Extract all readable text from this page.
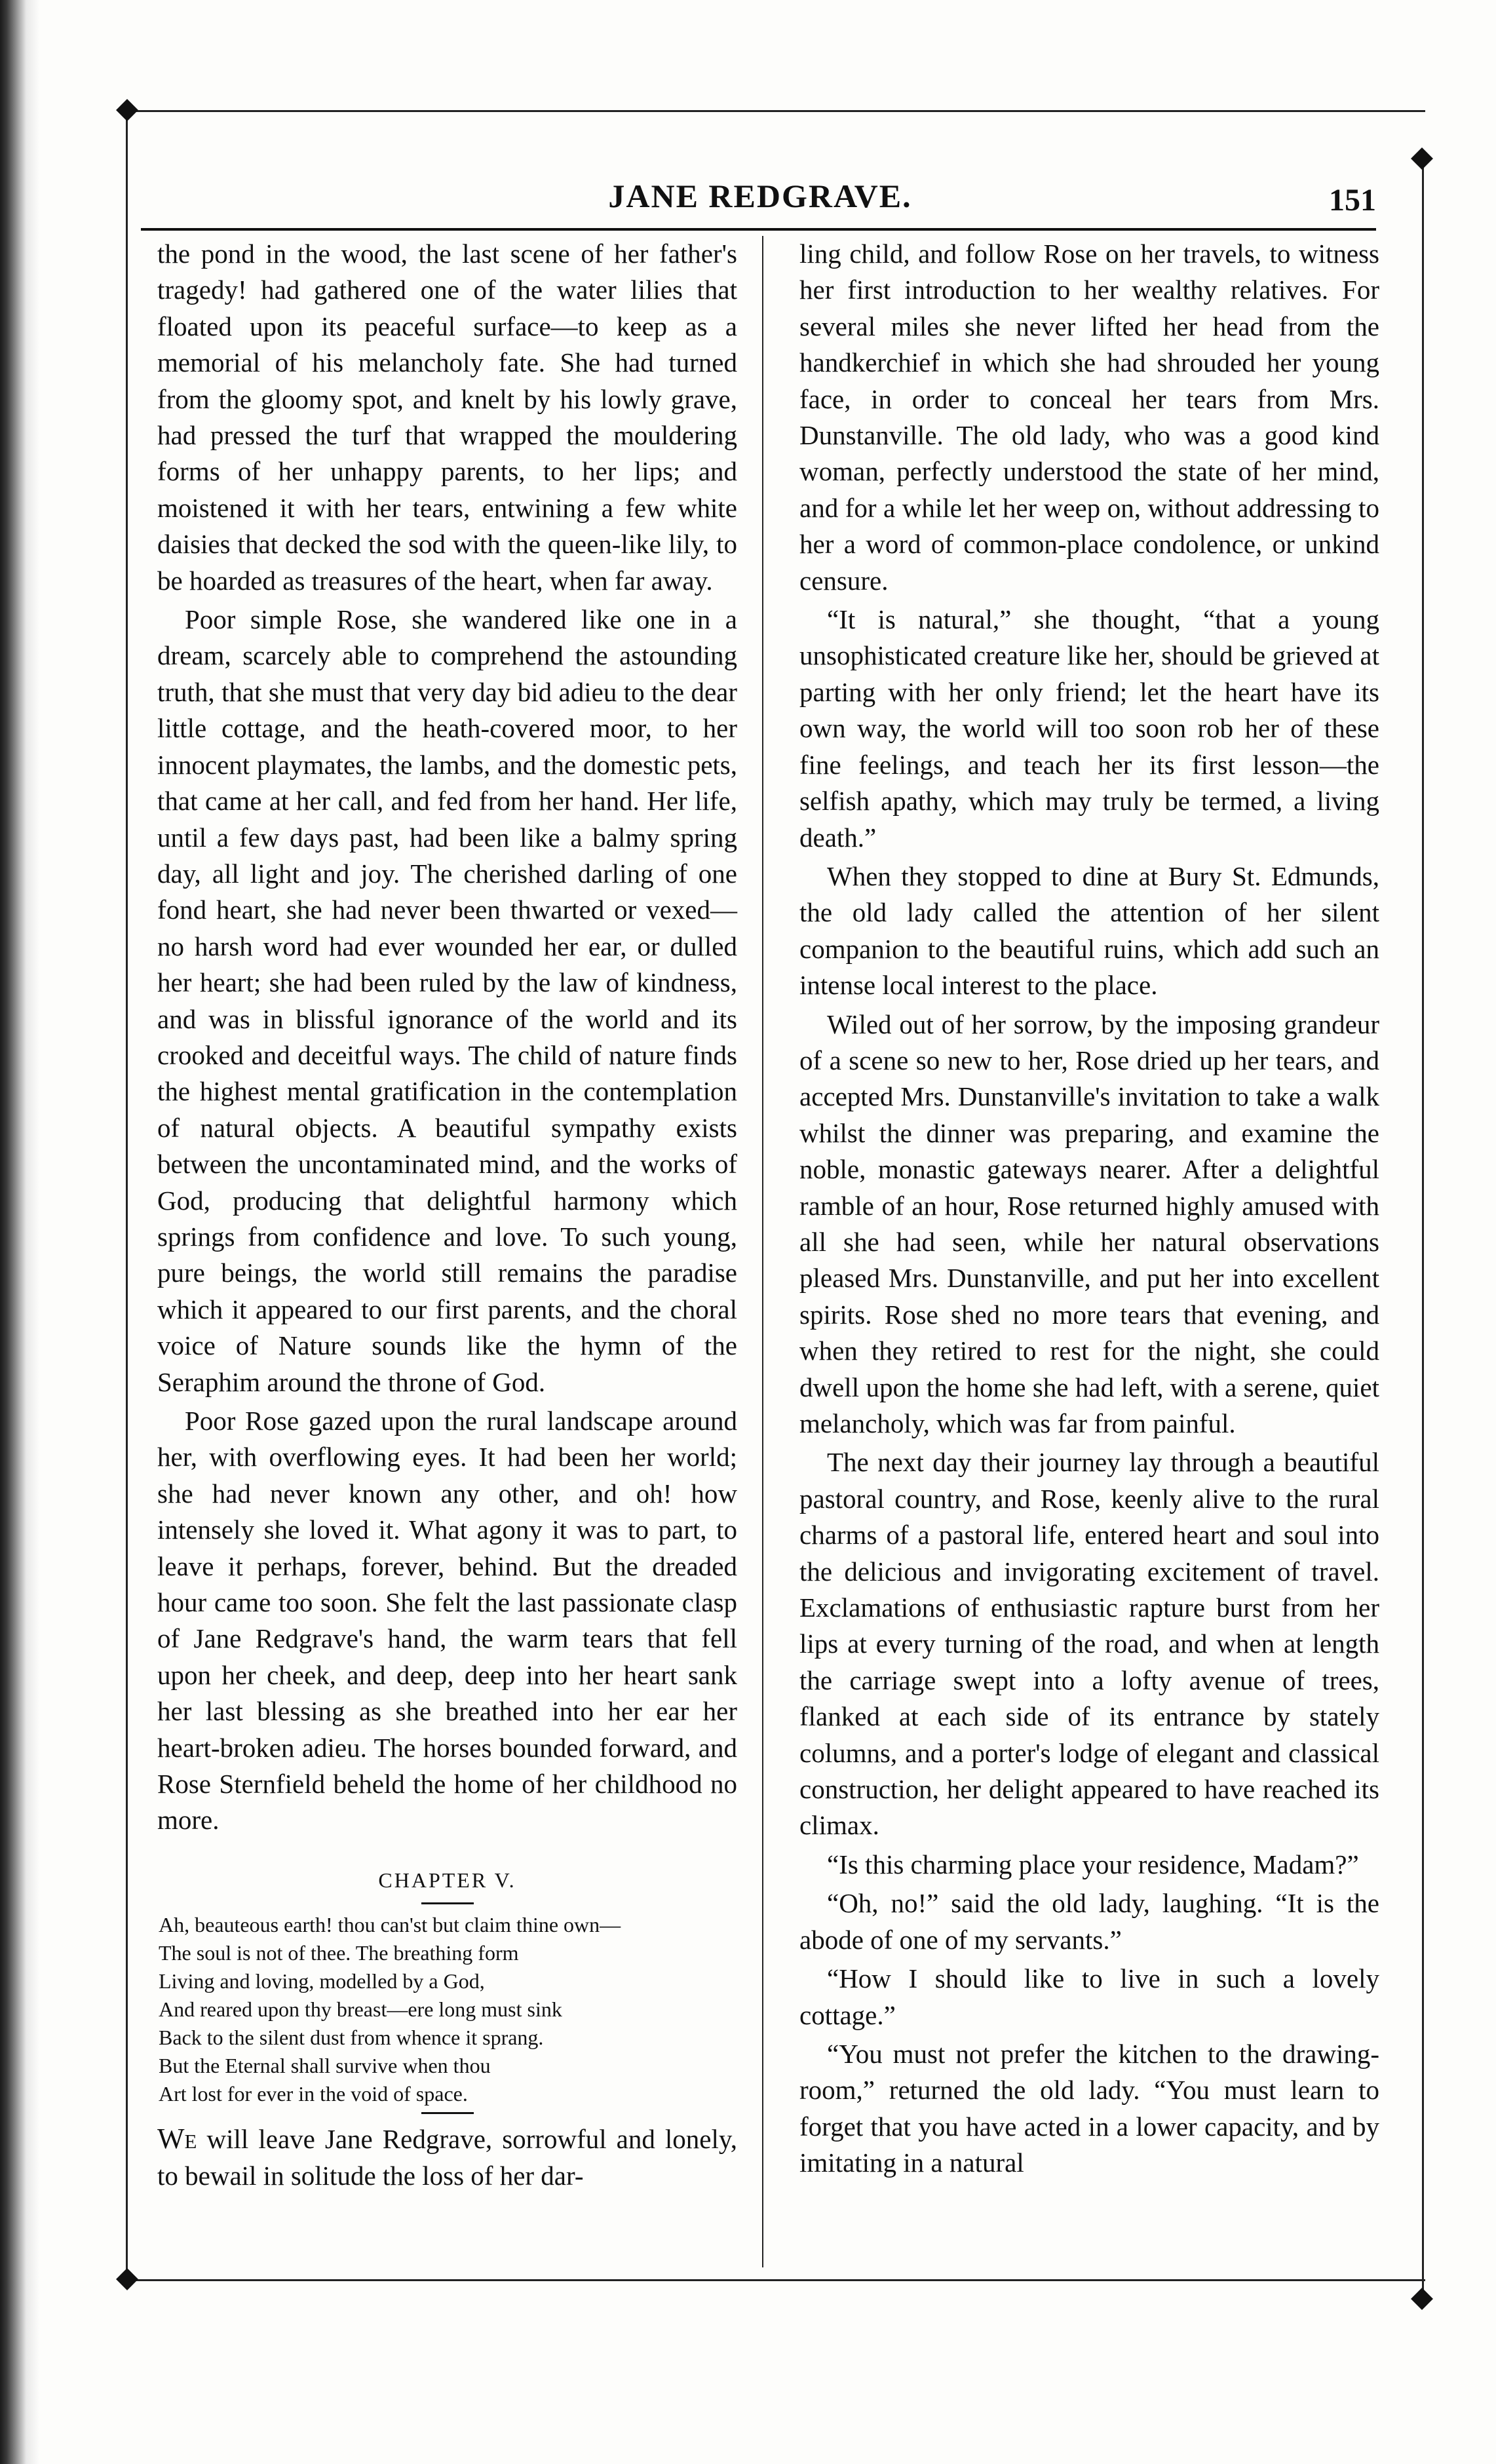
JANE REDGRAVE.	151

the pond in the wood, the last scene of her father's tragedy! had gathered one of the water lilies that floated upon its peaceful surface—to keep as a memorial of his melancholy fate. She had turned from the gloomy spot, and knelt by his lowly grave, had pressed the turf that wrapped the mouldering forms of her unhappy parents, to her lips; and moistened it with her tears, entwining a few white daisies that decked the sod with the queen-like lily, to be hoarded as treasures of the heart, when far away.

Poor simple Rose, she wandered like one in a dream, scarcely able to comprehend the astounding truth, that she must that very day bid adieu to the dear little cottage, and the heath-covered moor, to her innocent playmates, the lambs, and the domestic pets, that came at her call, and fed from her hand. Her life, until a few days past, had been like a balmy spring day, all light and joy. The cherished darling of one fond heart, she had never been thwarted or vexed—no harsh word had ever wounded her ear, or dulled her heart; she had been ruled by the law of kindness, and was in blissful ignorance of the world and its crooked and deceitful ways. The child of nature finds the highest mental gratification in the contemplation of natural objects. A beautiful sympathy exists between the uncontaminated mind, and the works of God, producing that delightful harmony which springs from confidence and love. To such young, pure beings, the world still remains the paradise which it appeared to our first parents, and the choral voice of Nature sounds like the hymn of the Seraphim around the throne of God.

Poor Rose gazed upon the rural landscape around her, with overflowing eyes. It had been her world; she had never known any other, and oh! how intensely she loved it. What agony it was to part, to leave it perhaps, forever, behind. But the dreaded hour came too soon. She felt the last passionate clasp of Jane Redgrave's hand, the warm tears that fell upon her cheek, and deep, deep into her heart sank her last blessing as she breathed into her ear her heart-broken adieu. The horses bounded forward, and Rose Sternfield beheld the home of her childhood no more.

CHAPTER V.
Ah, beauteous earth! thou can'st but claim thine own—
The soul is not of thee. The breathing form
Living and loving, modelled by a God,
And reared upon thy breast—ere long must sink
Back to the silent dust from whence it sprang.
But the Eternal shall survive when thou
Art lost for ever in the void of space.

We will leave Jane Redgrave, sorrowful and lonely, to bewail in solitude the loss of her dar-

ling child, and follow Rose on her travels, to witness her first introduction to her wealthy relatives. For several miles she never lifted her head from the handkerchief in which she had shrouded her young face, in order to conceal her tears from Mrs. Dunstanville. The old lady, who was a good kind woman, perfectly understood the state of her mind, and for a while let her weep on, without addressing to her a word of common-place condolence, or unkind censure.

“It is natural,” she thought, “that a young unsophisticated creature like her, should be grieved at parting with her only friend; let the heart have its own way, the world will too soon rob her of these fine feelings, and teach her its first lesson—the selfish apathy, which may truly be termed, a living death.”

When they stopped to dine at Bury St. Edmunds, the old lady called the attention of her silent companion to the beautiful ruins, which add such an intense local interest to the place.

Wiled out of her sorrow, by the imposing grandeur of a scene so new to her, Rose dried up her tears, and accepted Mrs. Dunstanville's invitation to take a walk whilst the dinner was preparing, and examine the noble, monastic gateways nearer. After a delightful ramble of an hour, Rose returned highly amused with all she had seen, while her natural observations pleased Mrs. Dunstanville, and put her into excellent spirits. Rose shed no more tears that evening, and when they retired to rest for the night, she could dwell upon the home she had left, with a serene, quiet melancholy, which was far from painful.

The next day their journey lay through a beautiful pastoral country, and Rose, keenly alive to the rural charms of a pastoral life, entered heart and soul into the delicious and invigorating excitement of travel. Exclamations of enthusiastic rapture burst from her lips at every turning of the road, and when at length the carriage swept into a lofty avenue of trees, flanked at each side of its entrance by stately columns, and a porter's lodge of elegant and classical construction, her delight appeared to have reached its climax.

“Is this charming place your residence, Madam?”

“Oh, no!” said the old lady, laughing. “It is the abode of one of my servants.”

“How I should like to live in such a lovely cottage.”

“You must not prefer the kitchen to the drawing-room,” returned the old lady. “You must learn to forget that you have acted in a lower capacity, and by imitating in a natural
